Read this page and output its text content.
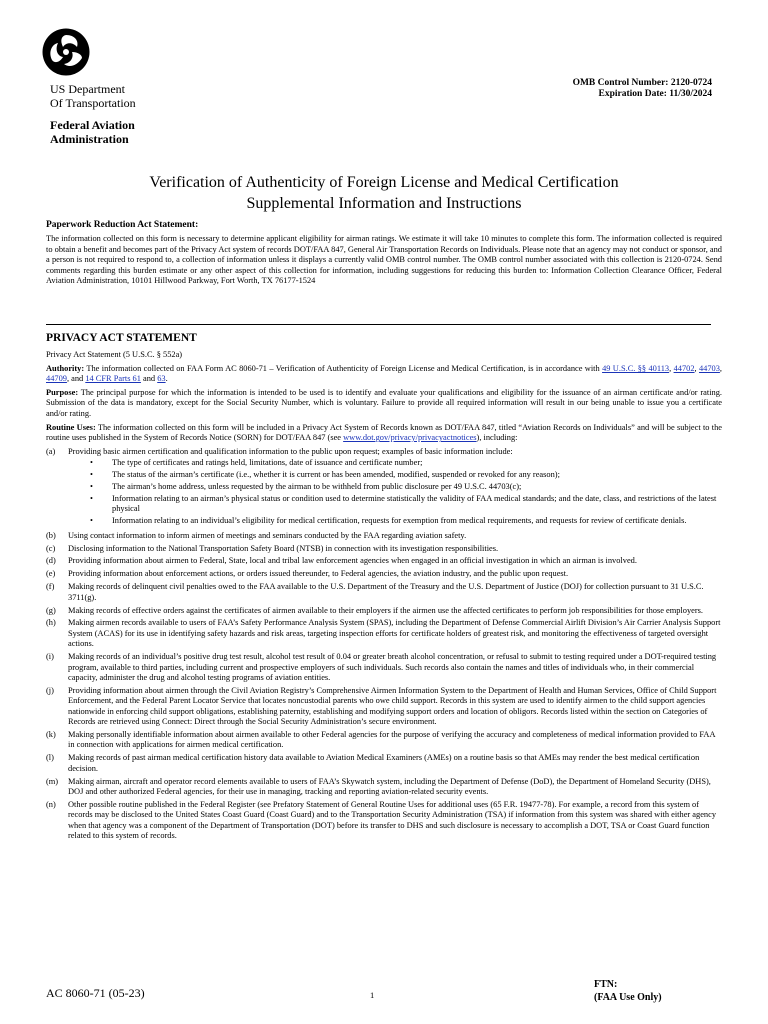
US Department
Of Transportation
Federal Aviation
Administration
OMB Control Number: 2120-0724
Expiration Date: 11/30/2024
Verification of Authenticity of Foreign License and Medical Certification
Supplemental Information and Instructions
Paperwork Reduction Act Statement:

The information collected on this form is necessary to determine applicant eligibility for airman ratings. We estimate it will take 10 minutes to complete this form. The information collected is required to obtain a benefit and becomes part of the Privacy Act system of records DOT/FAA 847, General Air Transportation Records on Individuals. Please note that an agency may not conduct or sponsor, and a person is not required to respond to, a collection of information unless it displays a currently valid OMB control number. The OMB control number associated with this collection is 2120-0724. Send comments regarding this burden estimate or any other aspect of this collection for information, including suggestions for reducing this burden to: Information Collection Clearance Officer, Federal Aviation Administration, 10101 Hillwood Parkway, Fort Worth, TX 76177-1524

PRIVACY ACT STATEMENT

Privacy Act Statement (5 U.S.C. § 552a)

Authority: The information collected on FAA Form AC 8060-71 – Verification of Authenticity of Foreign License and Medical Certification, is in accordance with 49 U.S.C. §§ 40113, 44702, 44703, 44709, and 14 CFR Parts 61 and 63.

Purpose: The principal purpose for which the information is intended to be used is to identify and evaluate your qualifications and eligibility for the issuance of an airman certificate and/or rating. Submission of the data is mandatory, except for the Social Security Number, which is voluntary. Failure to provide all required information will result in our being unable to issue you a certificate and/or rating.

Routine Uses: The information collected on this form will be included in a Privacy Act System of Records known as DOT/FAA 847, titled “Aviation Records on Individuals” and will be subject to the routine uses published in the System of Records Notice (SORN) for DOT/FAA 847 (see www.dot.gov/privacy/privacyactnotices), including:

(a)	Providing basic airmen certification and qualification information to the public upon request; examples of basic information include:
•	The type of certificates and ratings held, limitations, date of issuance and certificate number;
•	The status of the airman’s certificate (i.e., whether it is current or has been amended, modified, suspended or revoked for any reason);
•	The airman’s home address, unless requested by the airman to be withheld from public disclosure per 49 U.S.C. 44703(c);
•	Information relating to an airman’s physical status or condition used to determine statistically the validity of FAA medical standards; and the date, class, and restrictions of the latest physical
•	Information relating to an individual’s eligibility for medical certification, requests for exemption from medical requirements, and requests for review of certificate denials.
(b)	Using contact information to inform airmen of meetings and seminars conducted by the FAA regarding aviation safety.
(c)	Disclosing information to the National Transportation Safety Board (NTSB) in connection with its investigation responsibilities.
(d)	Providing information about airmen to Federal, State, local and tribal law enforcement agencies when engaged in an official investigation in which an airman is involved.
(e)	Providing information about enforcement actions, or orders issued thereunder, to Federal agencies, the aviation industry, and the public upon request.
(f)	Making records of delinquent civil penalties owed to the FAA available to the U.S. Department of the Treasury and the U.S. Department of Justice (DOJ) for collection pursuant to 31 U.S.C. 3711(g).
(g)	Making records of effective orders against the certificates of airmen available to their employers if the airmen use the affected certificates to perform job responsibilities for those employers.
(h)	Making airmen records available to users of FAA’s Safety Performance Analysis System (SPAS), including the Department of Defense Commercial Airlift Division’s Air Carrier Analysis Support System (ACAS) for its use in identifying safety hazards and risk areas, targeting inspection efforts for certificate holders of greatest risk, and monitoring the effectiveness of targeted oversight actions.
(i)	Making records of an individual’s positive drug test result, alcohol test result of 0.04 or greater breath alcohol concentration, or refusal to submit to testing required under a DOT-required testing program, available to third parties, including current and prospective employers of such individuals. Such records also contain the names and titles of individuals who, in their commercial capacity, administer the drug and alcohol testing programs of aviation entities.
(j)	Providing information about airmen through the Civil Aviation Registry’s Comprehensive Airmen Information System to the Department of Health and Human Services, Office of Child Support Enforcement, and the Federal Parent Locator Service that locates noncustodial parents who owe child support. Records in this system are used to identify airmen to the child support agencies nationwide in enforcing child support obligations, establishing paternity, establishing and modifying support orders and location of obligors. Records listed within the section on Categories of Records are retrieved using Connect: Direct through the Social Security Administration’s secure environment.
(k)	Making personally identifiable information about airmen available to other Federal agencies for the purpose of verifying the accuracy and completeness of medical information provided to FAA in connection with applications for airmen medical certification.
(l)	Making records of past airman medical certification history data available to Aviation Medical Examiners (AMEs) on a routine basis so that AMEs may render the best medical certification decision.
(m)	Making airman, aircraft and operator record elements available to users of FAA’s Skywatch system, including the Department of Defense (DoD), the Department of Homeland Security (DHS), DOJ and other authorized Federal agencies, for their use in managing, tracking and reporting aviation-related security events.
(n)	Other possible routine published in the Federal Register (see Prefatory Statement of General Routine Uses for additional uses (65 F.R. 19477-78). For example, a record from this system of records may be disclosed to the United States Coast Guard (Coast Guard) and to the Transportation Security Administration (TSA) if information from this system was shared with either agency when that agency was a component of the Department of Transportation (DOT) before its transfer to DHS and such disclosure is necessary to accomplish a DOT, TSA or Coast Guard function related to this system of records.
AC 8060-71 (05-23)	1
FTN:
(FAA Use Only)
